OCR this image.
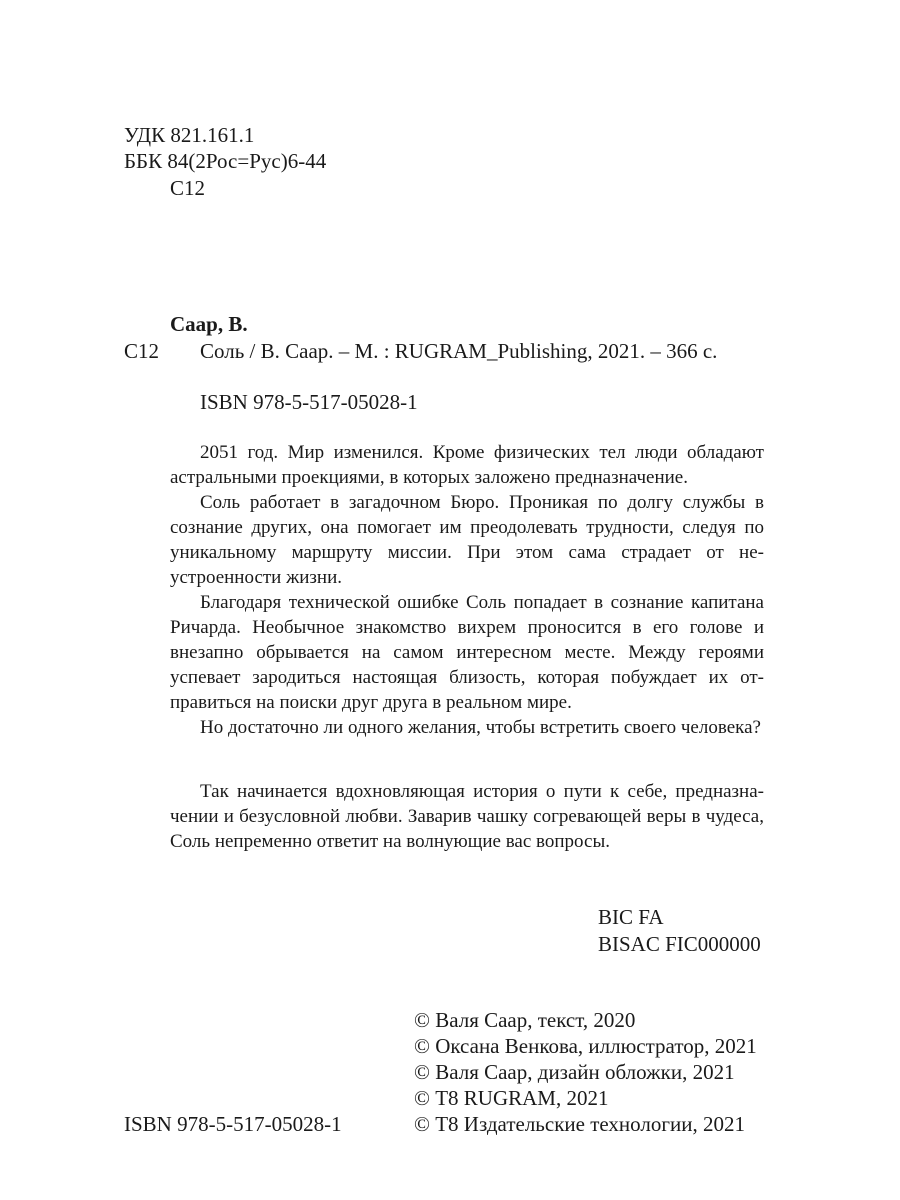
УДК 821.161.1
ББК 84(2Рос=Рус)6-44
С12
Саар, В.
С12 Соль / В. Саар. – М. : RUGRAM_Publishing, 2021. – 366 с.
ISBN 978-5-517-05028-1

2051 год. Мир изменился. Кроме физических тел люди обладают астральными проекциями, в которых заложено предназначение.

Соль работает в загадочном Бюро. Проникая по долгу службы в сознание других, она помогает им преодолевать трудности, следуя по уникальному маршруту миссии. При этом сама страдает от неустроенности жизни.

Благодаря технической ошибке Соль попадает в сознание капитана Ричарда. Необычное знакомство вихрем проносится в его голове и внезапно обрывается на самом интересном месте. Между героями успевает зародиться настоящая близость, которая побуждает их отправиться на поиски друг друга в реальном мире.

Но достаточно ли одного желания, чтобы встретить своего человека?

Так начинается вдохновляющая история о пути к себе, предназначении и безусловной любви. Заварив чашку согревающей веры в чудеса, Соль непременно ответит на волнующие вас вопросы.

BIC FA
BISAC FIC000000
© Валя Саар, текст, 2020
© Оксана Венкова, иллюстратор, 2021
© Валя Саар, дизайн обложки, 2021
© Т8 RUGRAM, 2021
© Т8 Издательские технологии, 2021
ISBN 978-5-517-05028-1
